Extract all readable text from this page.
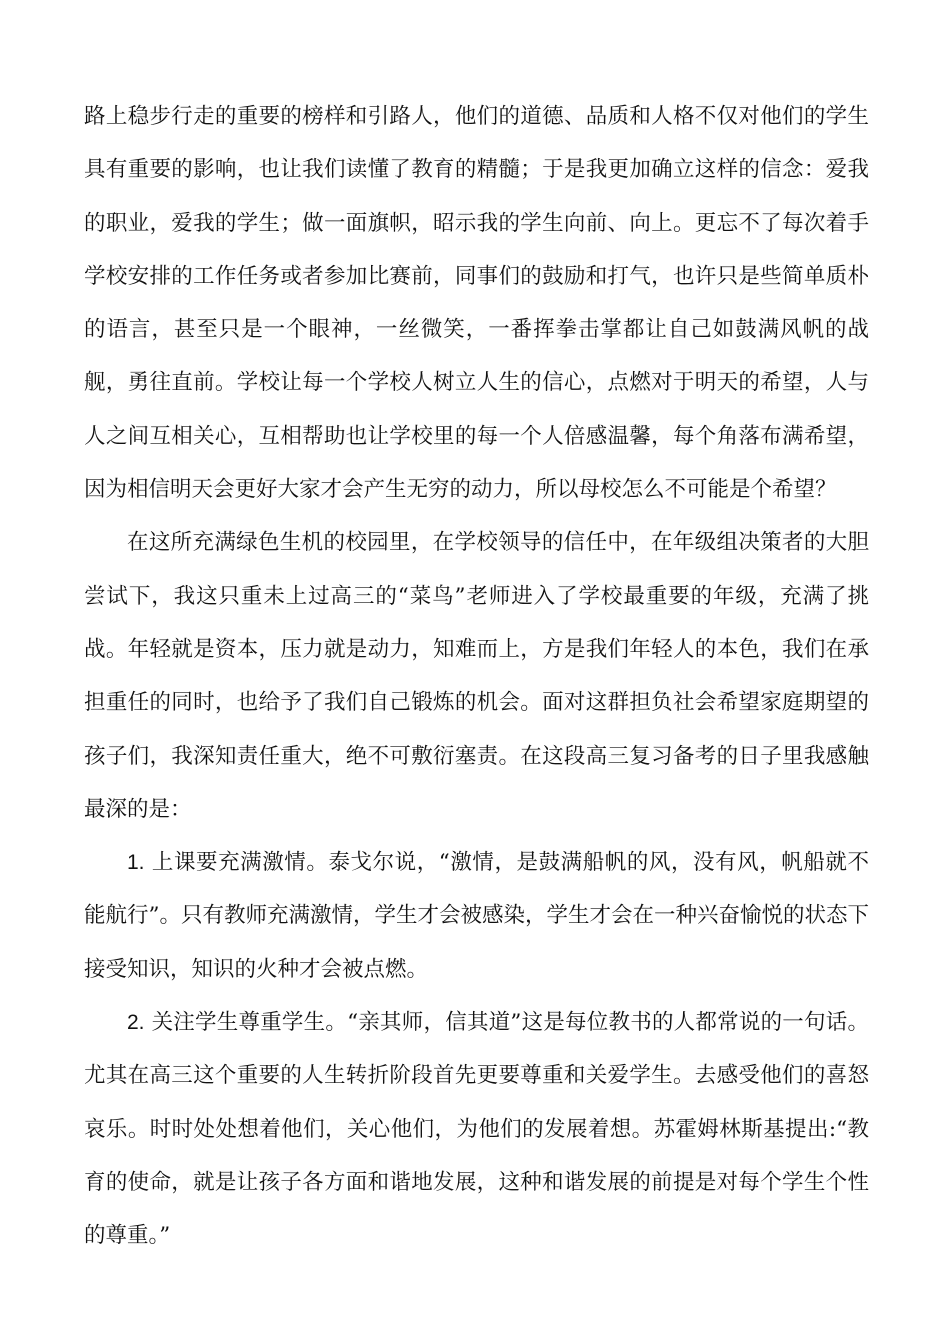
路上稳步行走的重要的榜样和引路人，他们的道德、品质和人格不仅对他们的学生具有重要的影响，也让我们读懂了教育的精髓；于是我更加确立这样的信念：爱我的职业，爱我的学生；做一面旗帜，昭示我的学生向前、向上。更忘不了每次着手学校安排的工作任务或者参加比赛前，同事们的鼓励和打气，也许只是些简单质朴的语言，甚至只是一个眼神，一丝微笑，一番挥拳击掌都让自己如鼓满风帆的战舰，勇往直前。学校让每一个学校人树立人生的信心，点燃对于明天的希望，人与人之间互相关心，互相帮助也让学校里的每一个人倍感温馨，每个角落布满希望，因为相信明天会更好大家才会产生无穷的动力，所以母校怎么不可能是个希望？

在这所充满绿色生机的校园里，在学校领导的信任中，在年级组决策者的大胆尝试下，我这只重未上过高三的“菜鸟”老师进入了学校最重要的年级，充满了挑战。年轻就是资本，压力就是动力，知难而上，方是我们年轻人的本色，我们在承担重任的同时，也给予了我们自己锻炼的机会。面对这群担负社会希望家庭期望的孩子们，我深知责任重大，绝不可敷衍塞责。在这段高三复习备考的日子里我感触最深的是：

1. 上课要充满激情。泰戈尔说，“激情，是鼓满船帆的风，没有风，帆船就不能航行”。只有教师充满激情，学生才会被感染，学生才会在一种兴奋愉悦的状态下接受知识，知识的火种才会被点燃。

2. 关注学生尊重学生。“亲其师，信其道”这是每位教书的人都常说的一句话。尤其在高三这个重要的人生转折阶段首先更要尊重和关爱学生。去感受他们的喜怒哀乐。时时处处想着他们，关心他们，为他们的发展着想。苏霍姆林斯基提出:“教育的使命，就是让孩子各方面和谐地发展，这种和谐发展的前提是对每个学生个性的尊重。”
